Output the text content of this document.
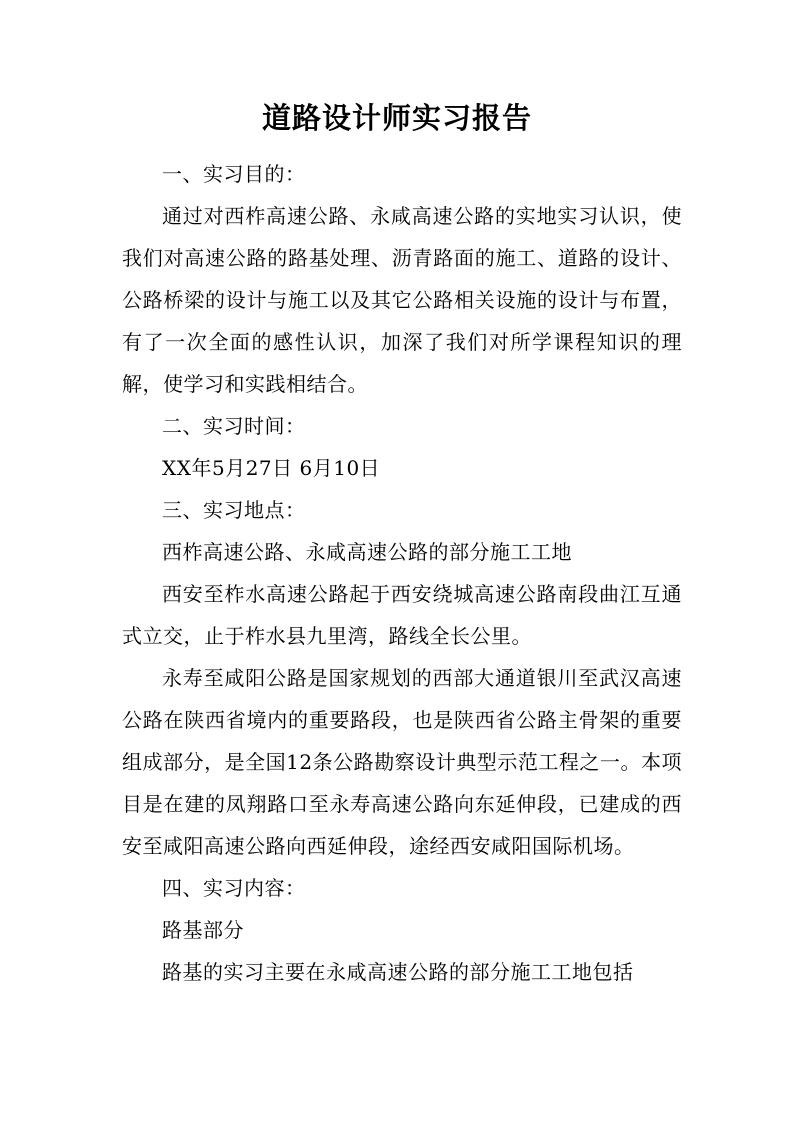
道路设计师实习报告

一、实习目的：

通过对西柞高速公路、永咸高速公路的实地实习认识，使我们对高速公路的路基处理、沥青路面的施工、道路的设计、公路桥梁的设计与施工以及其它公路相关设施的设计与布置，有了一次全面的感性认识，加深了我们对所学课程知识的理解，使学习和实践相结合。

二、实习时间：

XX年5月27日 6月10日

三、实习地点：

西柞高速公路、永咸高速公路的部分施工工地

西安至柞水高速公路起于西安绕城高速公路南段曲江互通式立交，止于柞水县九里湾，路线全长公里。

永寿至咸阳公路是国家规划的西部大通道银川至武汉高速公路在陕西省境内的重要路段，也是陕西省公路主骨架的重要组成部分，是全国12条公路勘察设计典型示范工程之一。本项目是在建的凤翔路口至永寿高速公路向东延伸段，已建成的西安至咸阳高速公路向西延伸段，途经西安咸阳国际机场。

四、实习内容：

路基部分

路基的实习主要在永咸高速公路的部分施工工地包括
